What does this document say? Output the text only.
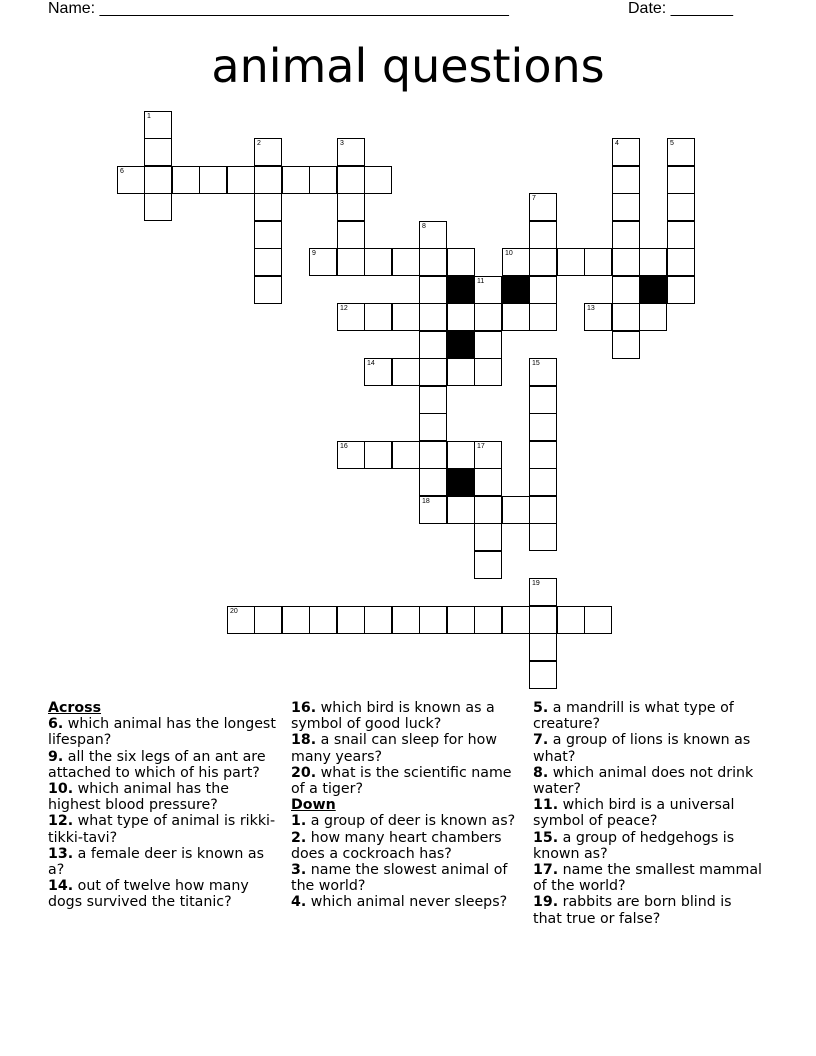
Name: ______________________________________________	Date: _______
animal questions
1
6
2	3	4	5
7
8
9	10
11
12	13
14	15
16	17
18
19
20
Across
6. which animal has the longest lifespan?
9. all the six legs of an ant are attached to which of his part?
10. which animal has the highest blood pressure?
12. what type of animal is rikki-tikki-tavi?
13. a female deer is known as a?
14. out of twelve how many dogs survived the titanic?
16. which bird is known as a symbol of good luck?
18. a snail can sleep for how many years?
20. what is the scientific name of a tiger?
Down
1. a group of deer is known as?
2. how many heart chambers does a cockroach has?
3. name the slowest animal of the world?
4. which animal never sleeps?
5. a mandrill is what type of creature?
7. a group of lions is known as what?
8. which animal does not drink water?
11. which bird is a universal symbol of peace?
15. a group of hedgehogs is known as?
17. name the smallest mammal of the world?
19. rabbits are born blind is that true or false?
